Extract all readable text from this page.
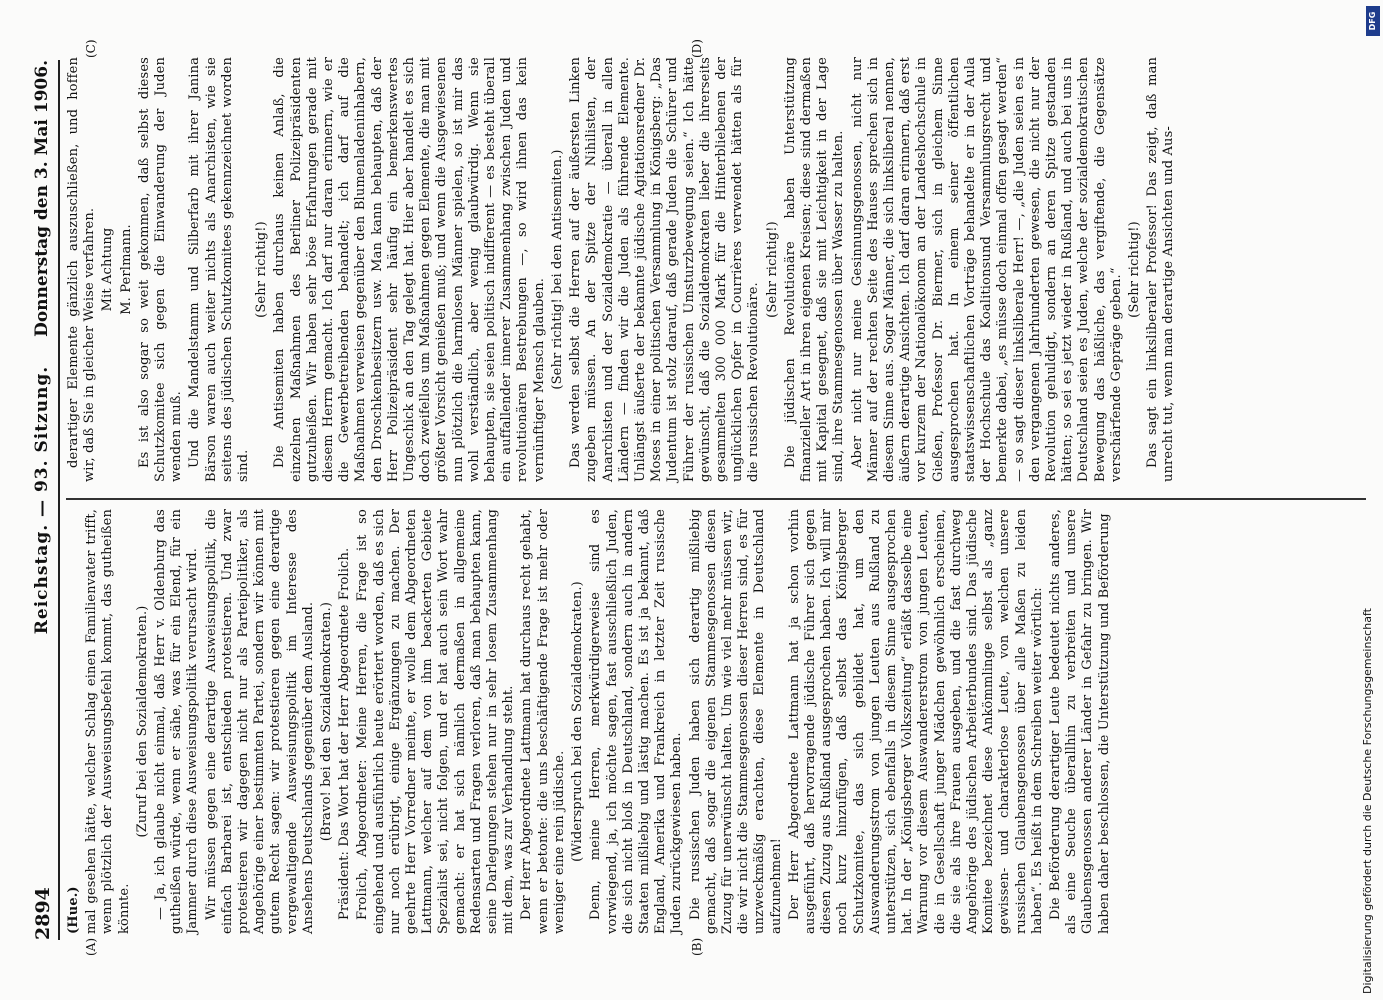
2894
Reichstag. — 93. Sitzung.
Donnerstag den 3. Mai 1906.
(A)	(B)
(C)	(D)

(Hue.) mal gesehen hätte, welcher Schlag einen Familienvater trifft, wenn plötzlich der Ausweisungsbefehl kommt, das gutheißen könnte.

(Zuruf bei den Sozialdemokraten.) — Ja, ich glaube nicht einmal, daß Herr v. Oldenburg das gutheißen würde, wenn er sähe, was für ein Elend, für ein Jammer durch diese Ausweisungspolitik verursacht wird. Wir müssen gegen eine derartige Ausweisungspolitik, die einfach Barbarei ist, entschieden protestieren. Und zwar protestieren wir dagegen nicht nur als Parteipolitiker, als Angehörige einer bestimmten Partei, sondern wir können mit gutem Recht sagen: wir protestieren gegen eine derartige vergewaltigende Ausweisungspolitik im Interesse des Ansehens Deutschlands gegenüber dem Ausland. (Bravo! bei den Sozialdemokraten.) Präsident: Das Wort hat der Herr Abgeordnete Frolich. Frolich, Abgeordneter: Meine Herren, die Frage ist so eingehend und ausführlich heute erörtert worden, daß es sich nur noch erübrigt, einige Ergänzungen zu machen. Der geehrte Herr Vorredner meinte, er wolle dem Abgeordneten Lattmann, welcher auf dem von ihm beackerten Gebiete Spezialist sei, nicht folgen, und er hat auch sein Wort wahr gemacht: er hat sich nämlich dermaßen in allgemeine Redensarten und Fragen verloren, daß man behaupten kann, seine Darlegungen stehen nur in sehr losem Zusammenhang mit dem, was zur Verhandlung steht. Der Herr Abgeordnete Lattmann hat durchaus recht gehabt, wenn er betonte: die uns beschäftigende Frage ist mehr oder weniger eine rein jüdische. (Widerspruch bei den Sozialdemokraten.) Denn, meine Herren, merkwürdigerweise sind es vorwiegend, ja, ich möchte sagen, fast ausschließlich Juden, die sich nicht bloß in Deutschland, sondern auch in andern Staaten mißliebig und lästig machen. Es ist ja bekannt, daß England, Amerika und Frankreich in letzter Zeit russische Juden zurückgewiesen haben. Die russischen Juden haben sich derartig mißliebig gemacht, daß sogar die eigenen Stammesgenossen diesen Zuzug für unerwünscht halten. Um wie viel mehr müssen wir, die wir nicht die Stammesgenossen dieser Herren sind, es für unzweckmäßig erachten, diese Elemente in Deutschland aufzunehmen! Der Herr Abgeordnete Lattmann hat ja schon vorhin ausgeführt, daß hervorragende jüdische Führer sich gegen diesen Zuzug aus Rußland ausgesprochen haben. Ich will mir noch kurz hinzufügen, daß selbst das Königsberger Schutzkomitee, das sich gebildet hat, um den Auswanderungsstrom von jungen Leuten aus Rußland zu unterstützen, sich ebenfalls in diesem Sinne ausgesprochen hat. In der „Königsberger Volkszeitung“ erläßt dasselbe eine Warnung vor diesem Auswandererstrom von jungen Leuten, die in Gesellschaft junger Mädchen gewöhnlich erscheinen, die sie als ihre Frauen ausgeben, und die fast durchweg Angehörige des jüdischen Arbeiterbundes sind. Das jüdische Komitee bezeichnet diese Ankömmlinge selbst als „ganz gewissen- und charakterlose Leute, von welchen unsere russischen Glaubensgenossen über alle Maßen zu leiden haben“. Es heißt in dem Schreiben weiter wörtlich: Die Beförderung derartiger Leute bedeutet nichts anderes, als eine Seuche überallhin zu verbreiten und unsere Glaubensgenossen anderer Länder in Gefahr zu bringen. Wir haben daher beschlossen, die Unterstützung und Beförderung

derartiger Elemente gänzlich auszuschließen, und hoffen wir, daß Sie in gleicher Weise verfahren. Mit Achtung M. Perlmann. Es ist also sogar so weit gekommen, daß selbst dieses Schutzkomitee sich gegen die Einwanderung der Juden wenden muß. Und die Mandelstamm und Silberfarb mit ihrer Janina Bärson waren auch weiter nichts als Anarchisten, wie sie seitens des jüdischen Schutzkomitees gekennzeichnet worden sind.

(Sehr richtig!) Die Antisemiten haben durchaus keinen Anlaß, die einzelnen Maßnahmen des Berliner Polizeipräsidenten gutzuheißen. Wir haben sehr böse Erfahrungen gerade mit diesem Herrn gemacht. Ich darf nur daran erinnern, wie er die Gewerbetreibenden behandelt; ich darf auf die Maßnahmen verweisen gegenüber den Blumenladeninhabern, den Droschkenbesitzern usw. Man kann behaupten, daß der Herr Polizeipräsident sehr häufig ein bemerkenswertes Ungeschick an den Tag gelegt hat. Hier aber handelt es sich doch zweifellos um Maßnahmen gegen Elemente, die man mit größter Vorsicht genießen muß; und wenn die Ausgewiesenen nun plötzlich die harmlosen Männer spielen, so ist mir das wohl verständlich, aber wenig glaubwürdig. Wenn sie behaupten, sie seien politisch indifferent — es besteht überall ein auffallender innerer Zusammenhang zwischen Juden und revolutionären Bestrebungen —, so wird ihnen das kein vernünftiger Mensch glauben. (Sehr richtig! bei den Antisemiten.) Das werden selbst die Herren auf der äußersten Linken zugeben müssen. An der Spitze der Nihilisten, der Anarchisten und der Sozialdemokratie — überall in allen Ländern — finden wir die Juden als führende Elemente. Unlängst äußerte der bekannte jüdische Agitationsredner Dr. Moses in einer politischen Versammlung in Königsberg: „Das Judentum ist stolz darauf, daß gerade Juden die Schürer und Führer der russischen Umsturzbewegung seien.“ Ich hätte gewünscht, daß die Sozialdemokraten lieber die ihrerseits gesammelten 300 000 Mark für die Hinterbliebenen der unglücklichen Opfer in Courrières verwendet hätten als für die russischen Revolutionäre.

(Sehr richtig!) Die jüdischen Revolutionäre haben Unterstützung finanzieller Art in ihren eigenen Kreisen; diese sind dermaßen mit Kapital gesegnet, daß sie mit Leichtigkeit in der Lage sind, ihre Stammesgenossen über Wasser zu halten. Aber nicht nur meine Gesinnungsgenossen, nicht nur Männer auf der rechten Seite des Hauses sprechen sich in diesem Sinne aus. Sogar Männer, die sich linksliberal nennen, äußern derartige Ansichten. Ich darf daran erinnern, daß erst vor kurzem der Nationalökonom an der Landeshochschule in Gießen, Professor Dr. Biermer, sich in gleichem Sinne ausgesprochen hat. In einem seiner öffentlichen staatswissenschaftlichen Vorträge behandelte er in der Aula der Hochschule das Koalitionsund Versammlungsrecht und bemerkte dabei, „es müsse doch einmal offen gesagt werden“ — so sagt dieser linksliberale Herr! —, „die Juden seien es in den vergangenen Jahrhunderten gewesen, die nicht nur der Revolution gehuldigt, sondern an deren Spitze gestanden hätten; so sei es jetzt wieder in Rußland, und auch bei uns in Deutschland seien es Juden, welche der sozialdemokratischen Bewegung das häßliche, das vergiftende, die Gegensätze verschärfende Gepräge geben.“ (Sehr richtig!) Das sagt ein linksliberaler Professor! Das zeigt, daß man unrecht tut, wenn man derartige Ansichten und Aus-

Digitalisierung gefördert durch die Deutsche Forschungsgemeinschaft
DFG
